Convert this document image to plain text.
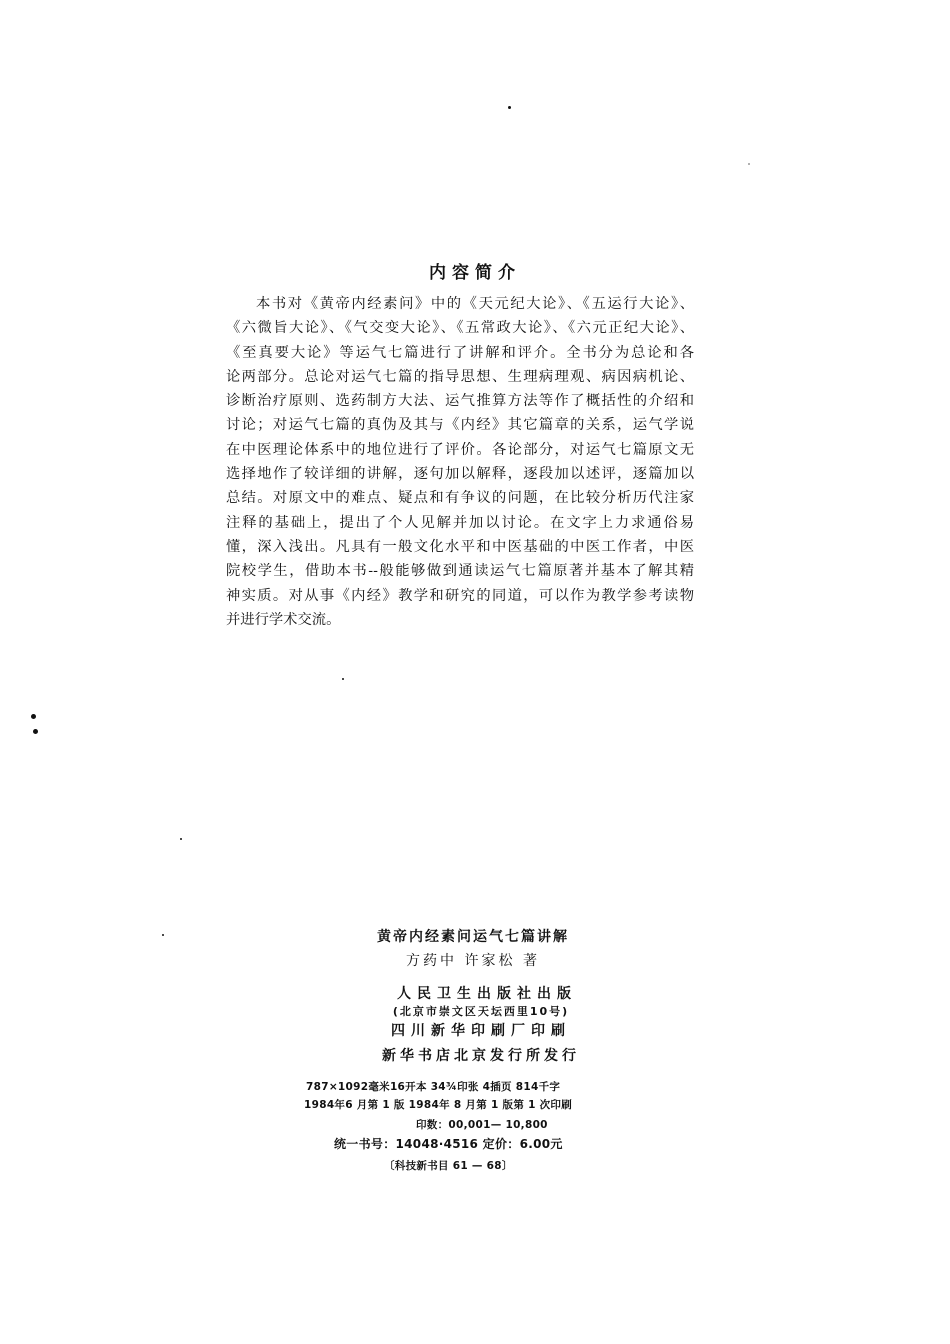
内容简介
本书对《黄帝内经素问》中的《天元纪大论》、《五运行大论》、
《六微旨大论》、《气交变大论》、《五常政大论》、《六元正纪大论》、
《至真要大论》等运气七篇进行了讲解和评介。全书分为总论和各
论两部分。总论对运气七篇的指导思想、生理病理观、病因病机论、
诊断治疗原则、选药制方大法、运气推算方法等作了概括性的介绍和
讨论；对运气七篇的真伪及其与《内经》其它篇章的关系，运气学说
在中医理论体系中的地位进行了评价。各论部分，对运气七篇原文无
选择地作了较详细的讲解，逐句加以解释，逐段加以述评，逐篇加以
总结。对原文中的难点、疑点和有争议的问题，在比较分析历代注家
注释的基础上，提出了个人见解并加以讨论。在文字上力求通俗易
懂，深入浅出。凡具有一般文化水平和中医基础的中医工作者，中医
院校学生，借助本书--般能够做到通读运气七篇原著并基本了解其精
神实质。对从事《内经》教学和研究的同道，可以作为教学参考读物
并进行学术交流。
黄帝内经素问运气七篇讲解
方药中 许家松 著
人民卫生出版社出版
(北京市崇文区天坛西里10号)
四川新华印刷厂印刷
新华书店北京发行所发行
787×1092毫米16开本 34¾印张 4插页 814千字
1984年6 月第 1 版 1984年 8 月第 1 版第 1 次印刷
印数：00,001— 10,800
统一书号：14048·4516 定价：6.00元
〔科技新书目 61 — 68〕
